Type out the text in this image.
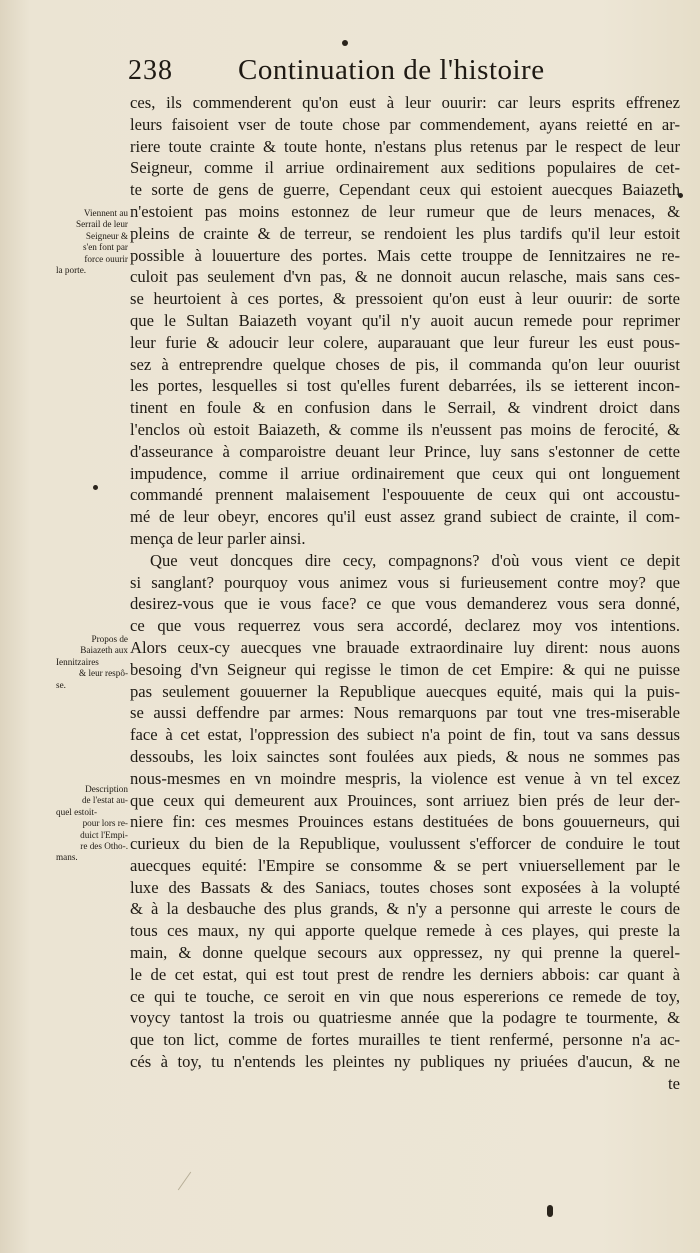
238 Continuation de l'histoire
Viennent au
Serrail de leur
Seigneur &
s'en font par
force ouurir
la porte.
Propos de
Baiazeth aux
Iennitzaires
& leur respô-
se.
Description
de l'estat au-
quel estoit-
pour lors re-
duict l'Empi-
re des Otho-.
mans.
ces, ils commenderent qu'on eust à leur ouurir: car leurs esprits effrenez
leurs faisoient vser de toute chose par commendement, ayans reietté en ar-
riere toute crainte & toute honte, n'estans plus retenus par le respect de leur
Seigneur, comme il arriue ordinairement aux seditions populaires de cet-
te sorte de gens de guerre, Cependant ceux qui estoient auecques Baiazeth
n'estoient pas moins estonnez de leur rumeur que de leurs menaces, &
pleins de crainte & de terreur, se rendoient les plus tardifs qu'il leur estoit
possible à louuerture des portes. Mais cette trouppe de Iennitzaires ne re-
culoit pas seulement d'vn pas, & ne donnoit aucun relasche, mais sans ces-
se heurtoient à ces portes, & pressoient qu'on eust à leur ouurir: de sorte
que le Sultan Baiazeth voyant qu'il n'y auoit aucun remede pour reprimer
leur furie & adoucir leur colere, auparauant que leur fureur les eust pous-
sez à entreprendre quelque choses de pis, il commanda qu'on leur ouurist
les portes, lesquelles si tost qu'elles furent debarrées, ils se ietterent incon-
tinent en foule & en confusion dans le Serrail, & vindrent droict dans
l'enclos où estoit Baiazeth, & comme ils n'eussent pas moins de ferocité, &
d'asseurance à comparoistre deuant leur Prince, luy sans s'estonner de cette
impudence, comme il arriue ordinairement que ceux qui ont longuement
commandé prennent malaisement l'espouuente de ceux qui ont accoustu-
mé de leur obeyr, encores qu'il eust assez grand subiect de crainte, il com-
mença de leur parler ainsi.
Que veut doncques dire cecy, compagnons? d'où vous vient ce depit
si sanglant? pourquoy vous animez vous si furieusement contre moy? que
desirez-vous que ie vous face? ce que vous demanderez vous sera donné,
ce que vous requerrez vous sera accordé, declarez moy vos intentions.
Alors ceux-cy auecques vne brauade extraordinaire luy dirent: nous auons
besoing d'vn Seigneur qui regisse le timon de cet Empire: & qui ne puisse
pas seulement gouuerner la Republique auecques equité, mais qui la puis-
se aussi deffendre par armes: Nous remarquons par tout vne tres-miserable
face à cet estat, l'oppression des subiect n'a point de fin, tout va sans dessus
dessoubs, les loix sainctes sont foulées aux pieds, & nous ne sommes pas
nous-mesmes en vn moindre mespris, la violence est venue à vn tel excez
que ceux qui demeurent aux Prouinces, sont arriuez bien prés de leur der-
niere fin: ces mesmes Prouinces estans destituées de bons gouuerneurs, qui
curieux du bien de la Republique, voulussent s'efforcer de conduire le tout
auecques equité: l'Empire se consomme & se pert vniuersellement par le
luxe des Bassats & des Saniacs, toutes choses sont exposées à la volupté
& à la desbauche des plus grands, & n'y a personne qui arreste le cours de
tous ces maux, ny qui apporte quelque remede à ces playes, qui preste la
main, & donne quelque secours aux oppressez, ny qui prenne la querel-
le de cet estat, qui est tout prest de rendre les derniers abbois: car quant à
ce qui te touche, ce seroit en vin que nous espererions ce remede de toy,
voycy tantost la trois ou quatriesme année que la podagre te tourmente, &
que ton lict, comme de fortes murailles te tient renfermé, personne n'a ac-
cés à toy, tu n'entends les pleintes ny publiques ny priuées d'aucun, & ne
te
